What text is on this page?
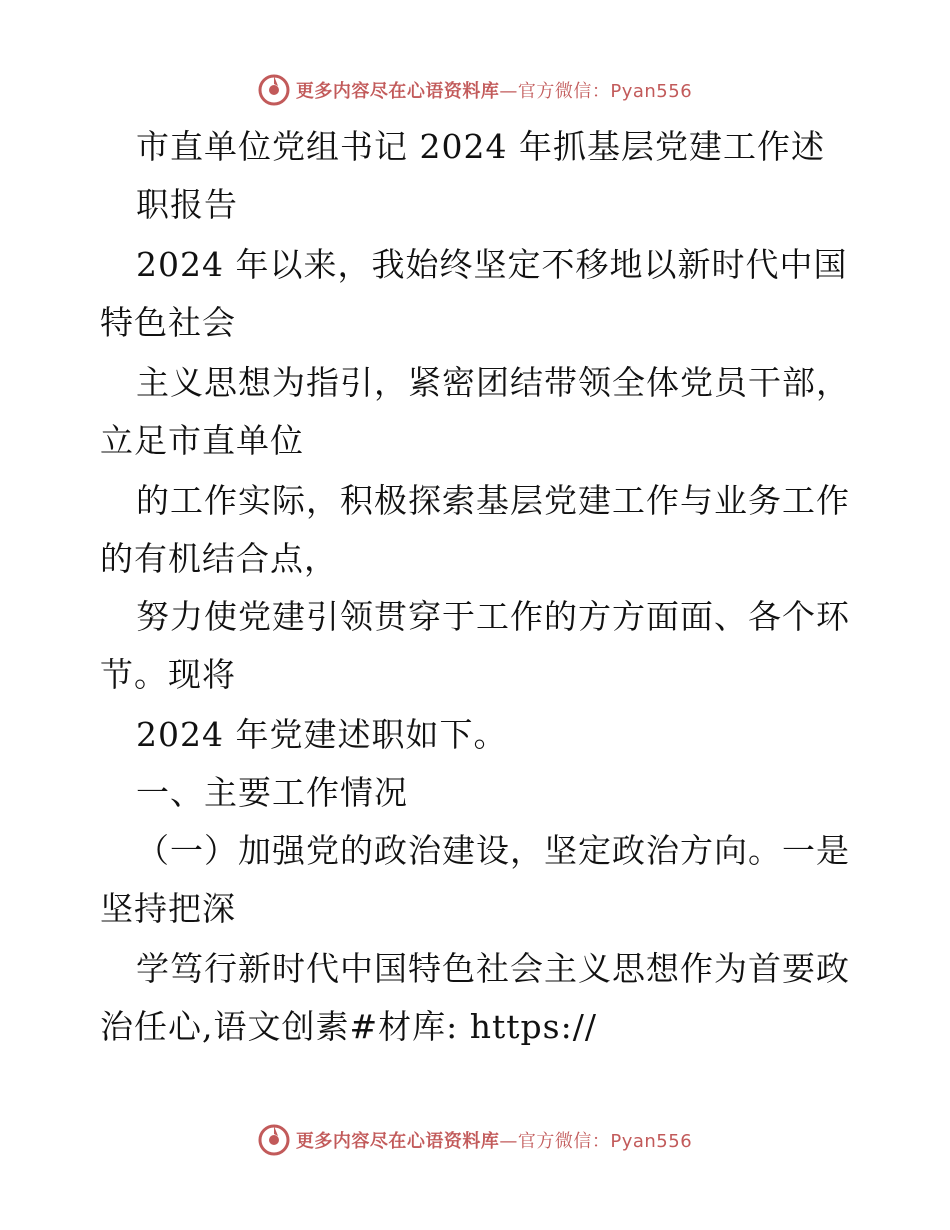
更多内容尽在心语资料库—官方微信：Pyan556
市直单位党组书记 2024 年抓基层党建工作述
职报告
2024 年以来，我始终坚定不移地以新时代中国
特色社会
主义思想为指引，紧密团结带领全体党员干部，
立足市直单位
的工作实际，积极探索基层党建工作与业务工作
的有机结合点，
努力使党建引领贯穿于工作的方方面面、各个环
节。现将
2024 年党建述职如下。
一、主要工作情况
（一）加强党的政治建设，坚定政治方向。一是
坚持把深
学笃行新时代中国特色社会主义思想作为首要政
治任心,语文创素#材库: https://
更多内容尽在心语资料库—官方微信：Pyan556
